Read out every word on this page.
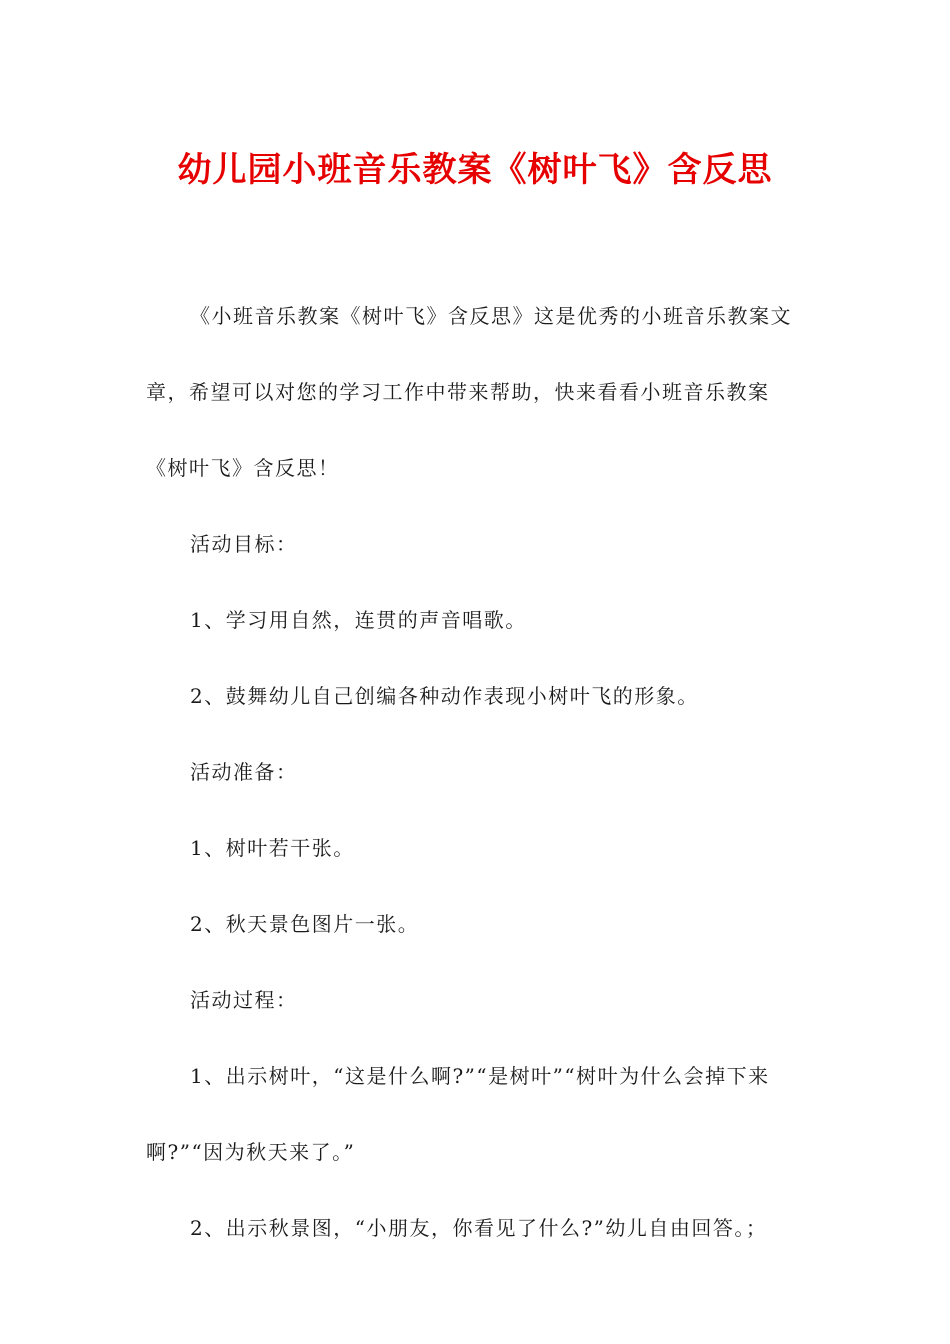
幼儿园小班音乐教案《树叶飞》含反思

《小班音乐教案《树叶飞》含反思》这是优秀的小班音乐教案文章，希望可以对您的学习工作中带来帮助，快来看看小班音乐教案《树叶飞》含反思！

活动目标：

1、学习用自然，连贯的声音唱歌。

2、鼓舞幼儿自己创编各种动作表现小树叶飞的形象。

活动准备：

1、树叶若干张。

2、秋天景色图片一张。

活动过程：

1、出示树叶，“这是什么啊?”“是树叶”“树叶为什么会掉下来啊?”“因为秋天来了。”

2、出示秋景图，“小朋友，你看见了什么?”幼儿自由回答。；
